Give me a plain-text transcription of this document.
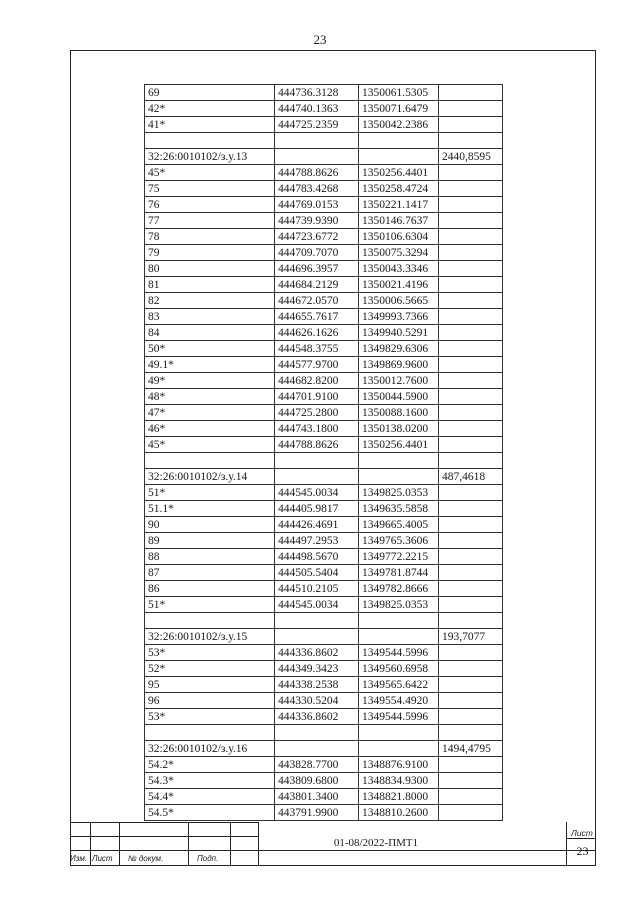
23
69	444736.3128	1350061.5305	
42*	444740.1363	1350071.6479	
41*	444725.2359	1350042.2386	

32:26:0010102/з.у.13			2440,8595
45*	444788.8626	1350256.4401	
75	444783.4268	1350258.4724	
76	444769.0153	1350221.1417	
77	444739.9390	1350146.7637	
78	444723.6772	1350106.6304	
79	444709.7070	1350075.3294	
80	444696.3957	1350043.3346	
81	444684.2129	1350021.4196	
82	444672.0570	1350006.5665	
83	444655.7617	1349993.7366	
84	444626.1626	1349940.5291	
50*	444548.3755	1349829.6306	
49.1*	444577.9700	1349869.9600	
49*	444682.8200	1350012.7600	
48*	444701.9100	1350044.5900	
47*	444725.2800	1350088.1600	
46*	444743.1800	1350138.0200	
45*	444788.8626	1350256.4401	

32:26:0010102/з.у.14			487,4618
51*	444545.0034	1349825.0353	
51.1*	444405.9817	1349635.5858	
90	444426.4691	1349665.4005	
89	444497.2953	1349765.3606	
88	444498.5670	1349772.2215	
87	444505.5404	1349781.8744	
86	444510.2105	1349782.8666	
51*	444545.0034	1349825.0353	

32:26:0010102/з.у.15			193,7077
53*	444336.8602	1349544.5996	
52*	444349.3423	1349560.6958	
95	444338.2538	1349565.6422	
96	444330.5204	1349554.4920	
53*	444336.8602	1349544.5996	

32:26:0010102/з.у.16			1494,4795
54.2*	443828.7700	1348876.9100	
54.3*	443809.6800	1348834.9300	
54.4*	443801.3400	1348821.8000	
54.5*	443791.9900	1348810.2600	
Изм. Лист № докум.	Подп.
01-08/2022-ПМТ1
Лист
23
